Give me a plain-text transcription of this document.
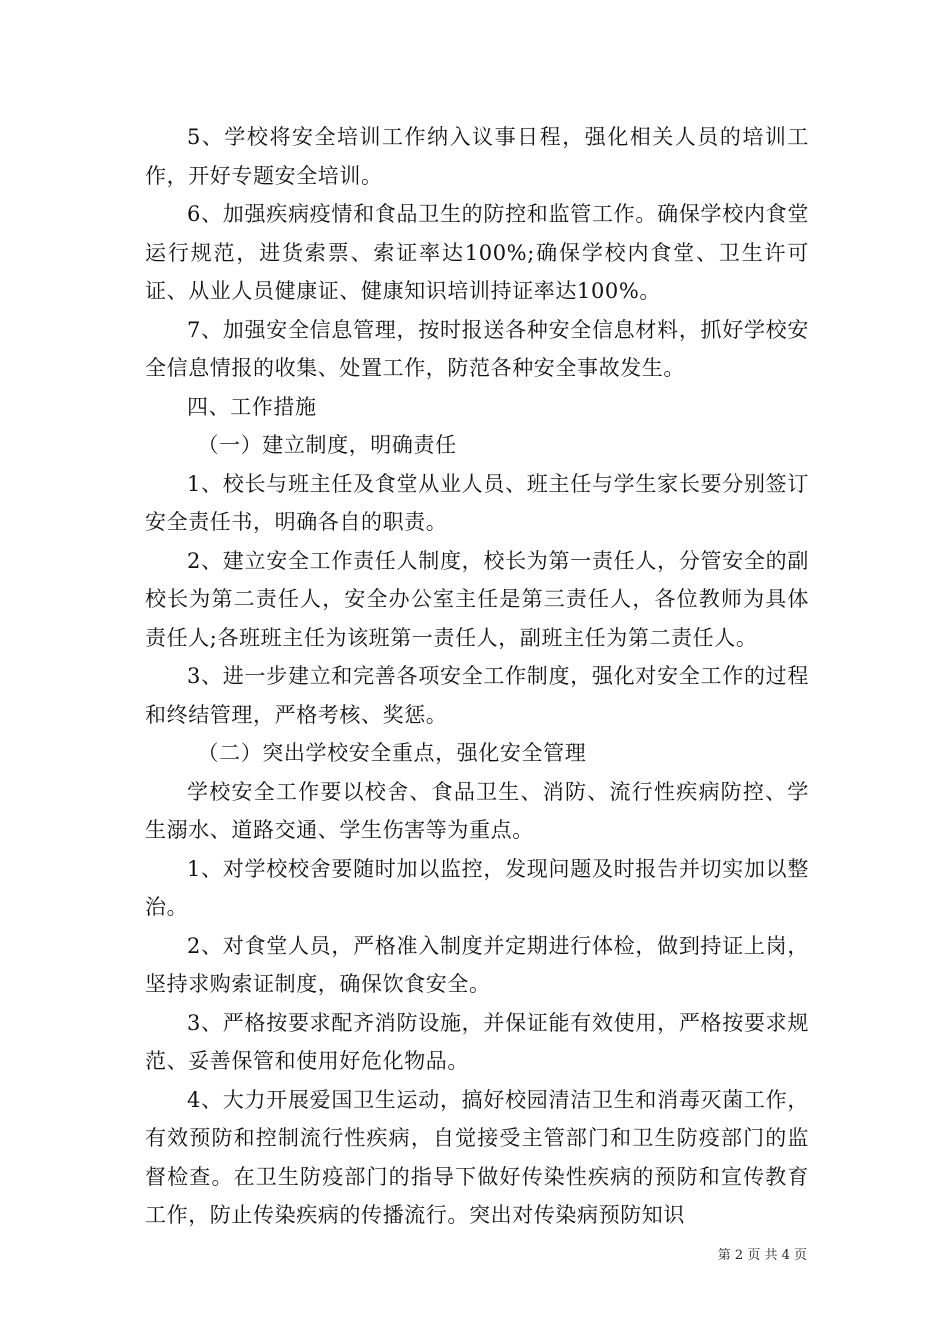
5、学校将安全培训工作纳入议事日程，强化相关人员的培训工作，开好专题安全培训。

6、加强疾病疫情和食品卫生的防控和监管工作。确保学校内食堂运行规范，进货索票、索证率达100%;确保学校内食堂、卫生许可证、从业人员健康证、健康知识培训持证率达100%。

7、加强安全信息管理，按时报送各种安全信息材料，抓好学校安全信息情报的收集、处置工作，防范各种安全事故发生。

四、工作措施

（一）建立制度，明确责任

1、校长与班主任及食堂从业人员、班主任与学生家长要分别签订安全责任书，明确各自的职责。

2、建立安全工作责任人制度，校长为第一责任人，分管安全的副校长为第二责任人，安全办公室主任是第三责任人，各位教师为具体责任人;各班班主任为该班第一责任人，副班主任为第二责任人。

3、进一步建立和完善各项安全工作制度，强化对安全工作的过程和终结管理，严格考核、奖惩。

（二）突出学校安全重点，强化安全管理

学校安全工作要以校舍、食品卫生、消防、流行性疾病防控、学生溺水、道路交通、学生伤害等为重点。

1、对学校校舍要随时加以监控，发现问题及时报告并切实加以整治。

2、对食堂人员，严格准入制度并定期进行体检，做到持证上岗，坚持求购索证制度，确保饮食安全。

3、严格按要求配齐消防设施，并保证能有效使用，严格按要求规范、妥善保管和使用好危化物品。

4、大力开展爱国卫生运动，搞好校园清洁卫生和消毒灭菌工作，有效预防和控制流行性疾病，自觉接受主管部门和卫生防疫部门的监督检查。在卫生防疫部门的指导下做好传染性疾病的预防和宣传教育工作，防止传染疾病的传播流行。突出对传染病预防知识

第 2 页 共 4 页
